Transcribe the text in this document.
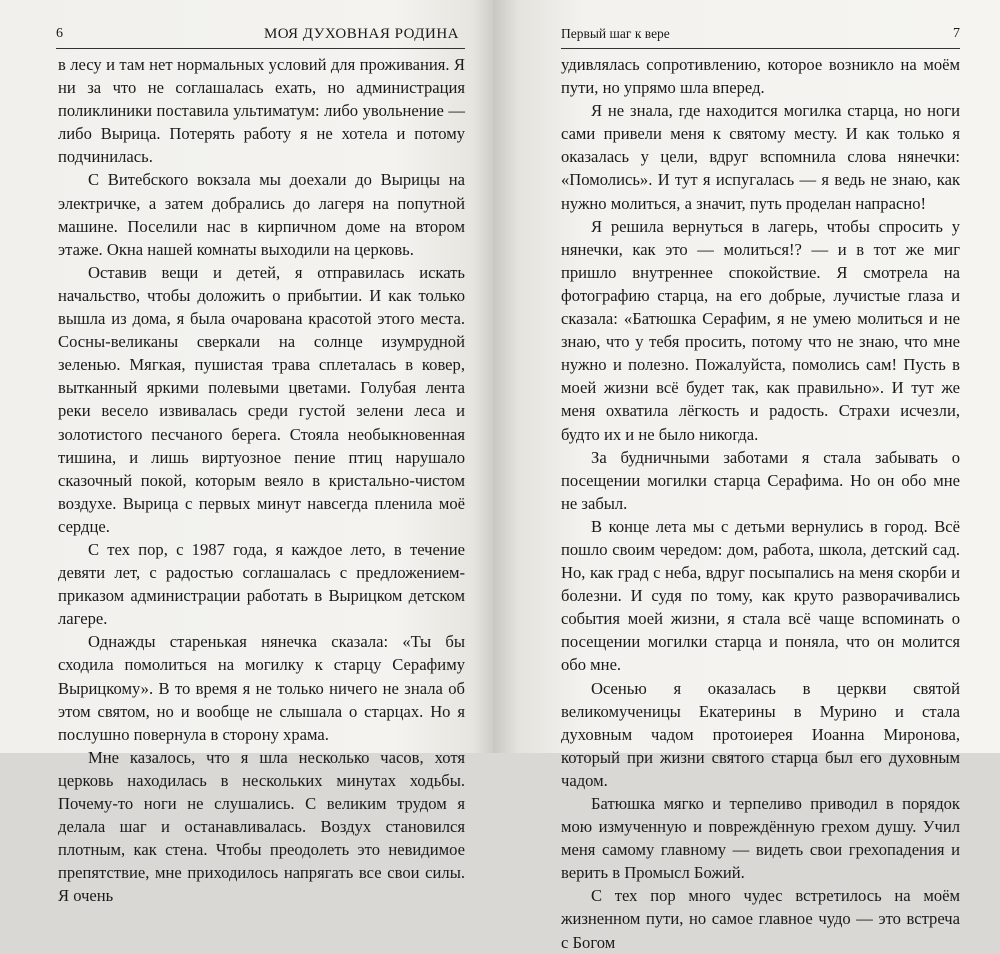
6	МОЯ ДУХОВНАЯ РОДИНА

в лесу и там нет нормальных условий для проживания. Я ни за что не соглашалась ехать, но администрация поликлиники поставила ультиматум: либо увольнение — либо Вырица. Потерять работу я не хотела и потому подчинилась.

С Витебского вокзала мы доехали до Вырицы на электричке, а затем добрались до лагеря на попутной машине. Поселили нас в кирпичном доме на втором этаже. Окна нашей комнаты выходили на церковь.

Оставив вещи и детей, я отправилась искать начальство, чтобы доложить о прибытии. И как только вышла из дома, я была очарована красотой этого места. Сосны-великаны сверкали на солнце изумрудной зеленью. Мягкая, пушистая трава сплеталась в ковер, вытканный яркими полевыми цветами. Голубая лента реки весело извивалась среди густой зелени леса и золотистого песчаного берега. Стояла необыкновенная тишина, и лишь виртуозное пение птиц нарушало сказочный покой, которым веяло в кристально-чистом воздухе. Вырица с первых минут навсегда пленила моё сердце.

С тех пор, с 1987 года, я каждое лето, в течение девяти лет, с радостью соглашалась с предложением-приказом администрации работать в Вырицком детском лагере.

Однажды старенькая нянечка сказала: «Ты бы сходила помолиться на могилку к старцу Серафиму Вырицкому». В то время я не только ничего не знала об этом святом, но и вообще не слышала о старцах. Но я послушно повернула в сторону храма.

Мне казалось, что я шла несколько часов, хотя церковь находилась в нескольких минутах ходьбы. Почему-то ноги не слушались. С великим трудом я делала шаг и останавливалась. Воздух становился плотным, как стена. Чтобы преодолеть это невидимое препятствие, мне приходилось напрягать все свои силы. Я очень

Первый шаг к вере	7

удивлялась сопротивлению, которое возникло на моём пути, но упрямо шла вперед.

Я не знала, где находится могилка старца, но ноги сами привели меня к святому месту. И как только я оказалась у цели, вдруг вспомнила слова нянечки: «Помолись». И тут я испугалась — я ведь не знаю, как нужно молиться, а значит, путь проделан напрасно!

Я решила вернуться в лагерь, чтобы спросить у нянечки, как это — молиться!? — и в тот же миг пришло внутреннее спокойствие. Я смотрела на фотографию старца, на его добрые, лучистые глаза и сказала: «Батюшка Серафим, я не умею молиться и не знаю, что у тебя просить, потому что не знаю, что мне нужно и полезно. Пожалуйста, помолись сам! Пусть в моей жизни всё будет так, как правильно». И тут же меня охватила лёгкость и радость. Страхи исчезли, будто их и не было никогда.

За будничными заботами я стала забывать о посещении могилки старца Серафима. Но он обо мне не забыл.

В конце лета мы с детьми вернулись в город. Всё пошло своим чередом: дом, работа, школа, детский сад. Но, как град с неба, вдруг посыпались на меня скорби и болезни. И судя по тому, как круто разворачивались события моей жизни, я стала всё чаще вспоминать о посещении могилки старца и поняла, что он молится обо мне.

Осенью я оказалась в церкви святой великомученицы Екатерины в Мурино и стала духовным чадом протоиерея Иоанна Миронова, который при жизни святого старца был его духовным чадом.

Батюшка мягко и терпеливо приводил в порядок мою измученную и повреждённую грехом душу. Учил меня самому главному — видеть свои грехопадения и верить в Промысл Божий.

С тех пор много чудес встретилось на моём жизненном пути, но самое главное чудо — это встреча с Богом
